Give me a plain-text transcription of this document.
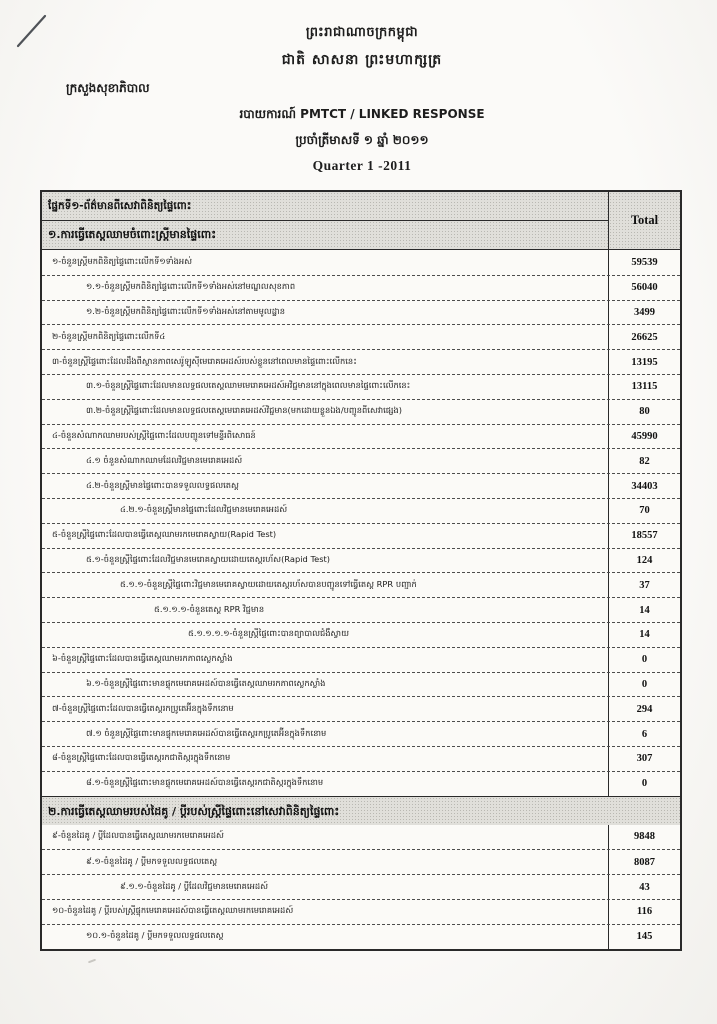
ព្រះរាជាណាចក្រកម្ពុជា
ជាតិ សាសនា ព្រះមហាក្សត្រ
ក្រសួងសុខាភិបាល
របាយការណ៍ PMTCT / LINKED RESPONSE
ប្រចាំត្រីមាសទី ១ ឆ្នាំ ២០១១
Quarter 1 -2011
ផ្នែកទី១-ព័ត៌មានពីសេវាពិនិត្យផ្ទៃពោះ
១.ការធ្វើតេស្តឈាមចំពោះស្ត្រីមានផ្ទៃពោះ
Total
១-ចំនួនស្ត្រីមកពិនិត្យផ្ទៃពោះលើកទី១ទាំងអស់	59539
១.១-ចំនួនស្ត្រីមកពិនិត្យផ្ទៃពោះលើកទី១ទាំងអស់នៅមណ្ឌលសុខភាព	56040
១.២-ចំនួនស្ត្រីមកពិនិត្យផ្ទៃពោះលើកទី១ទាំងអស់នៅតាមមូលដ្ឋាន	3499
២-ចំនួនស្ត្រីមកពិនិត្យផ្ទៃពោះលើកទី៤	26625
៣-ចំនួនស្ត្រីផ្ទៃពោះដែលដឹងពីស្ថានភាពសេរ៉ូឡូស៊ីមេរោគអេដស៍របស់ខ្លួននៅពេលមានផ្ទៃពោះលើកនេះ	13195
៣.១-ចំនួនស្ត្រីផ្ទៃពោះដែលមានលទ្ធផលតេស្តឈាមមេរោគអេដស៍អវិជ្ជមាននៅក្នុងពេលមានផ្ទៃពោះលើកនេះ	13115
៣.២-ចំនួនស្ត្រីផ្ទៃពោះដែលមានលទ្ធផលតេស្តមេរោគអេដស៍វិជ្ជមាន(មកដោយខ្លួនឯង/បញ្ជូនពីសេវាផ្សេង)	80
៤-ចំនួនសំណាកឈាមរបស់ស្ត្រីផ្ទៃពោះដែលបញ្ជូនទៅមន្ទីរពិសោធន៍	45990
៤.១ ចំនួនសំណាកឈាមដែលវិជ្ជមានមេរោគអេដស៍	82
៤.២-ចំនួនស្ត្រីមានផ្ទៃពោះបានទទួលលទ្ធផលតេស្ត	34403
៤.២.១-ចំនួនស្ត្រីមានផ្ទៃពោះដែលវិជ្ជមានមេរោគអេដស៍	70
៥-ចំនួនស្ត្រីផ្ទៃពោះដែលបានធ្វើតេស្តឈាមរកមេរោគស្វាយ(Rapid Test)	18557
៥.១-ចំនួនស្ត្រីផ្ទៃពោះដែលវិជ្ជមានមេរោគស្វាយដោយតេស្តរហ័ស(Rapid Test)	124
៥.១.១-ចំនួនស្ត្រីផ្ទៃពោះវិជ្ជមានមេរោគស្វាយដោយតេស្តរហ័សបានបញ្ជូនទៅធ្វើតេស្ត RPR បញ្ជាក់	37
៥.១.១.១-ចំនួនតេស្ត RPR វិជ្ជមាន	14
៥.១.១.១.១-ចំនួនស្ត្រីផ្ទៃពោះបានព្យាបាលជំងឺស្វាយ	14
៦-ចំនួនស្ត្រីផ្ទៃពោះដែលបានធ្វើតេស្តឈាមរកភាពស្លេកស្លាំង	0
៦.១-ចំនួនស្ត្រីផ្ទៃពោះមានផ្ទុកមេរោគអេដស៍បានធ្វើតេស្តឈាមរកភាពស្លេកស្លាំង	0
៧-ចំនួនស្ត្រីផ្ទៃពោះដែលបានធ្វើតេស្តរកប្រូតេអ៊ីនក្នុងទឹកនោម	294
៧.១ ចំនួនស្ត្រីផ្ទៃពោះមានផ្ទុកមេរោគអេដស៍បានធ្វើតេស្តរកប្រូតេអ៊ីនក្នុងទឹកនោម	6
៨-ចំនួនស្ត្រីផ្ទៃពោះដែលបានធ្វើតេស្តរកជាតិស្ករក្នុងទឹកនោម	307
៨.១-ចំនួនស្ត្រីផ្ទៃពោះមានផ្ទុកមេរោគអេដស៍បានធ្វើតេស្តរកជាតិស្ករក្នុងទឹកនោម	0
២.ការធ្វើតេស្តឈាមរបស់ដៃគូ / ប្តីរបស់ស្ត្រីផ្ទៃពោះនៅសេវាពិនិត្យផ្ទៃពោះ
៩-ចំនួនដៃគូ / ប្តីដែលបានធ្វើតេស្តឈាមរកមេរោគអេដស៍	9848
៩.១-ចំនួនដៃគូ / ប្តីមកទទួលលទ្ធផលតេស្ត	8087
៩.១.១-ចំនួនដៃគូ / ប្តីដែលវិជ្ជមានមេរោគអេដស៍	43
១០-ចំនួនដៃគូ / ប្តីរបស់ស្ត្រីផ្ទុកមេរោគអេដស៍បានធ្វើតេស្តឈាមរកមេរោគអេដស៍	116
១០.១-ចំនួនដៃគូ / ប្តីមកទទួលលទ្ធផលតេស្ត	145
